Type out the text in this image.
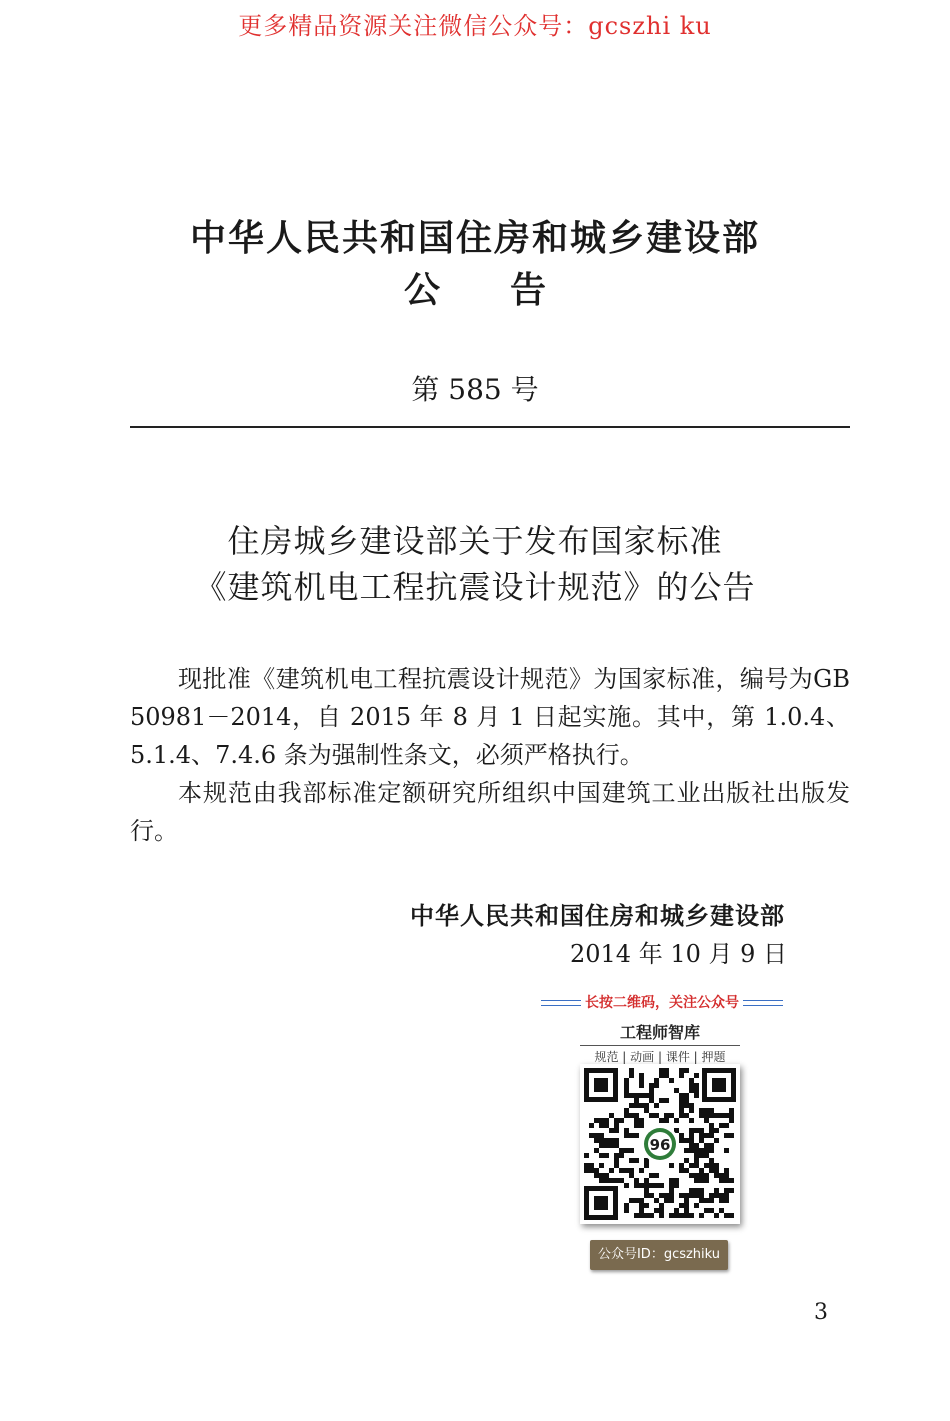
更多精品资源关注微信公众号：gcszhi ku
中华人民共和国住房和城乡建设部
公告
第 585 号
住房城乡建设部关于发布国家标准
《建筑机电工程抗震设计规范》的公告

现批准《建筑机电工程抗震设计规范》为国家标准，编号为GB 50981－2014，自 2015 年 8 月 1 日起实施。其中，第 1.0.4、5.1.4、7.4.6 条为强制性条文，必须严格执行。

本规范由我部标准定额研究所组织中国建筑工业出版社出版发行。

中华人民共和国住房和城乡建设部
2014 年 10 月 9 日
长按二维码，关注公众号
工程师智库
规范 | 动画 | 课件 | 押题
96
公众号ID：gcszhiku
3
